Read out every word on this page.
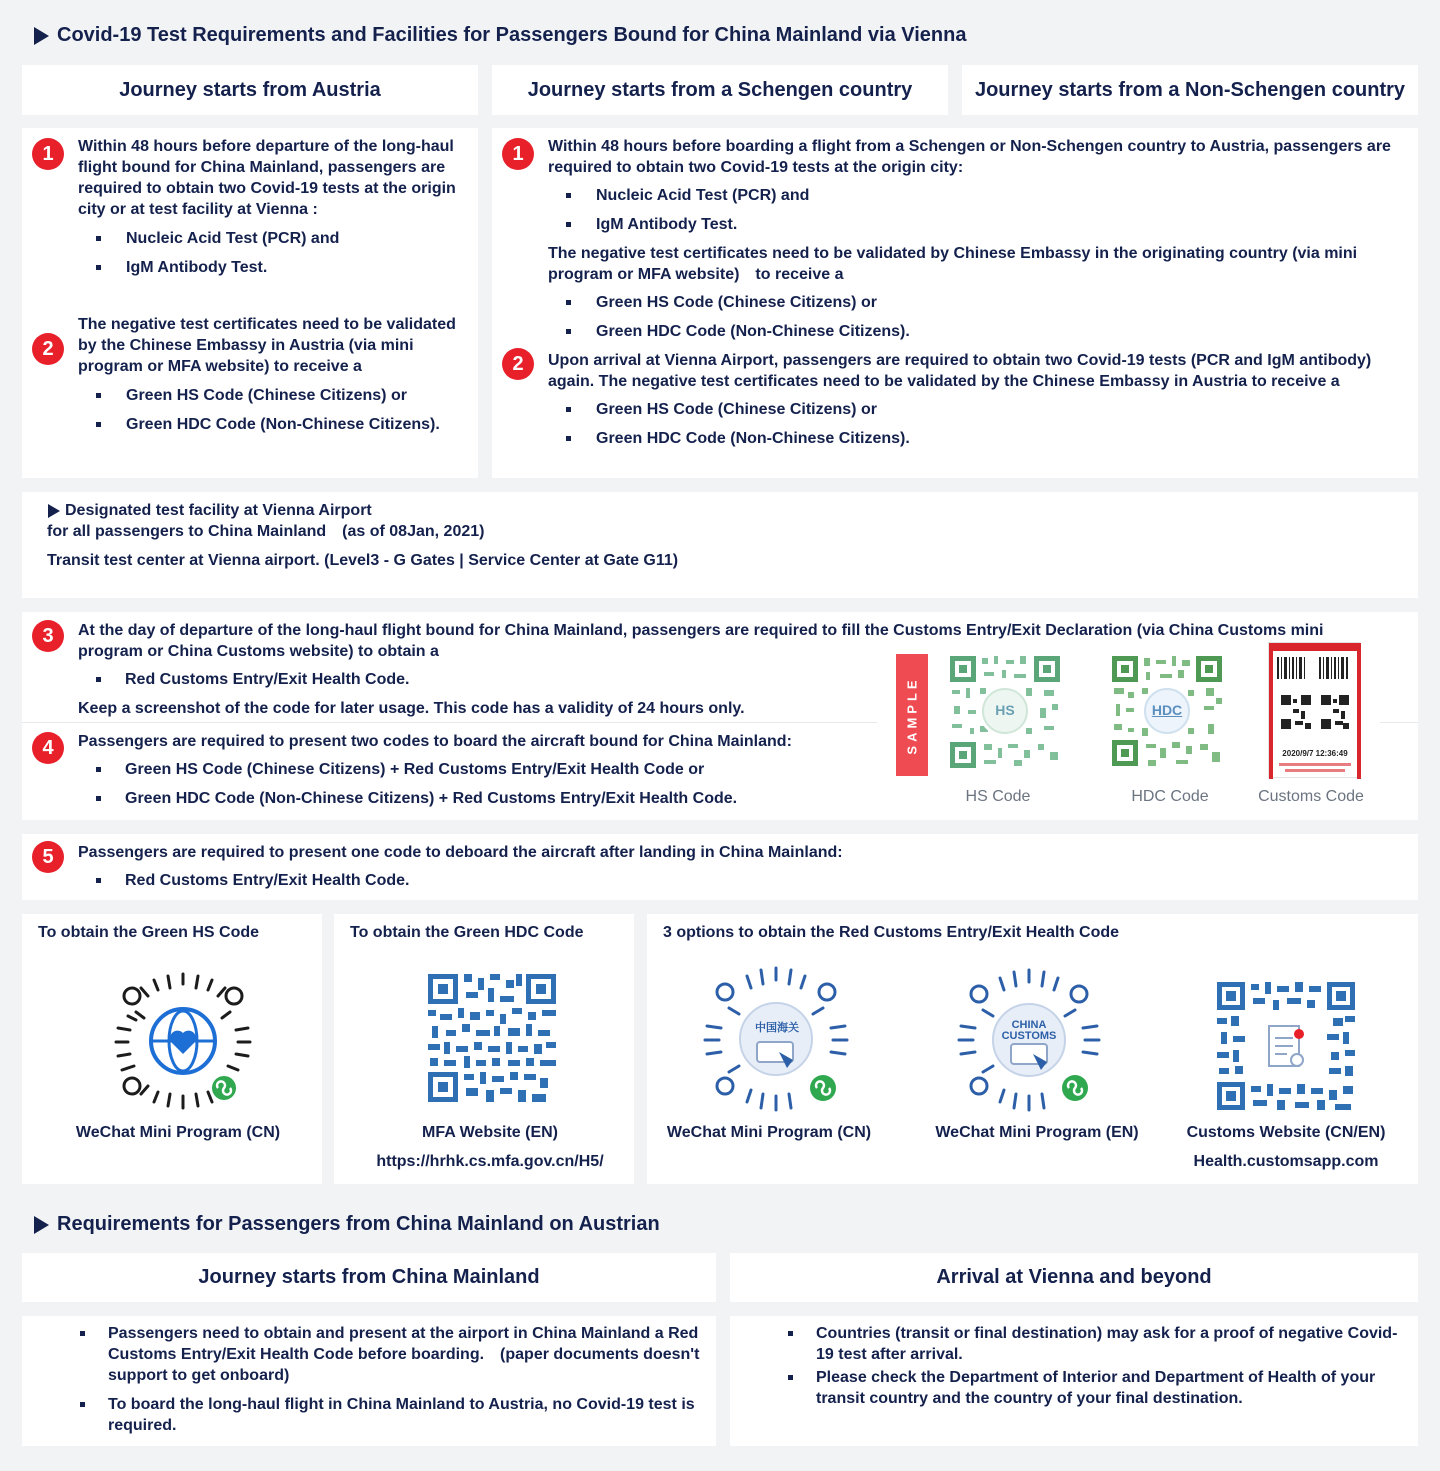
Covid-19 Test Requirements and Facilities for Passengers Bound for China Mainland via Vienna
Journey starts from Austria	Journey starts from a Schengen country	Journey starts from a Non-Schengen country
1	Within 48 hours before departure of the long-haul flight bound for China Mainland, passengers are required to obtain two Covid-19 tests at the origin city or at test facility at Vienna :
Nucleic Acid Test (PCR) and
IgM Antibody Test.
2
The negative test certificates need to be validated by the Chinese Embassy in Austria (via mini program or MFA website) to receive a
Green HS Code (Chinese Citizens) or
Green HDC Code (Non-Chinese Citizens).
1	Within 48 hours before boarding a flight from a Schengen or Non-Schengen country to Austria, passengers are required to obtain two Covid-19 tests at the origin city:
Nucleic Acid Test (PCR) and
IgM Antibody Test.
The negative test certificates need to be validated by Chinese Embassy in the originating country (via mini program or MFA website)　to receive a
Green HS Code (Chinese Citizens) or
Green HDC Code (Non-Chinese Citizens).
2	Upon arrival at Vienna Airport, passengers are required to obtain two Covid-19 tests (PCR and IgM antibody) again. The negative test certificates need to be validated by the Chinese Embassy in Austria to receive a
Green HS Code (Chinese Citizens) or
Green HDC Code (Non-Chinese Citizens).
Designated test facility at Vienna Airport
for all passengers to China Mainland　(as of 08Jan, 2021)
Transit test center at Vienna airport. (Level3 - G Gates | Service Center at Gate G11)
3	At the day of departure of the long-haul flight bound for China Mainland, passengers are required to fill the Customs Entry/Exit Declaration (via China Customs mini program or China Customs website) to obtain a
Red Customs Entry/Exit Health Code.
Keep a screenshot of the code for later usage. This code has a validity of 24 hours only.
4	Passengers are required to present two codes to board the aircraft bound for China Mainland:
Green HS Code (Chinese Citizens) + Red Customs Entry/Exit Health Code or
Green HDC Code (Non-Chinese Citizens) + Red Customs Entry/Exit Health Code.
SAMPLE	HS	HDC
2020/9/7 12:36:49
HS Code	HDC Code	Customs Code
5	Passengers are required to present one code to deboard the aircraft after landing in China Mainland:
Red Customs Entry/Exit Health Code.
To obtain the Green HS Code
WeChat Mini Program (CN)
To obtain the Green HDC Code
MFA Website (EN)
https://hrhk.cs.mfa.gov.cn/H5/
3 options to obtain the Red Customs Entry/Exit Health Code
中国海关
WeChat Mini Program (CN)
CHINA
CUSTOMS
WeChat Mini Program (EN)	Customs Website (CN/EN)
Health.customsapp.com
Requirements for Passengers from China Mainland on Austrian
Journey starts from China Mainland	Arrival at Vienna and beyond
Passengers need to obtain and present at the airport in China Mainland a Red Customs Entry/Exit Health Code before boarding.　(paper documents doesn't support to get onboard)
To board the long-haul flight in China Mainland to Austria, no Covid-19 test is required.
Countries (transit or final destination) may ask for a proof of negative Covid-19 test after arrival.
Please check the Department of Interior and Department of Health of your transit country and the country of your final destination.
